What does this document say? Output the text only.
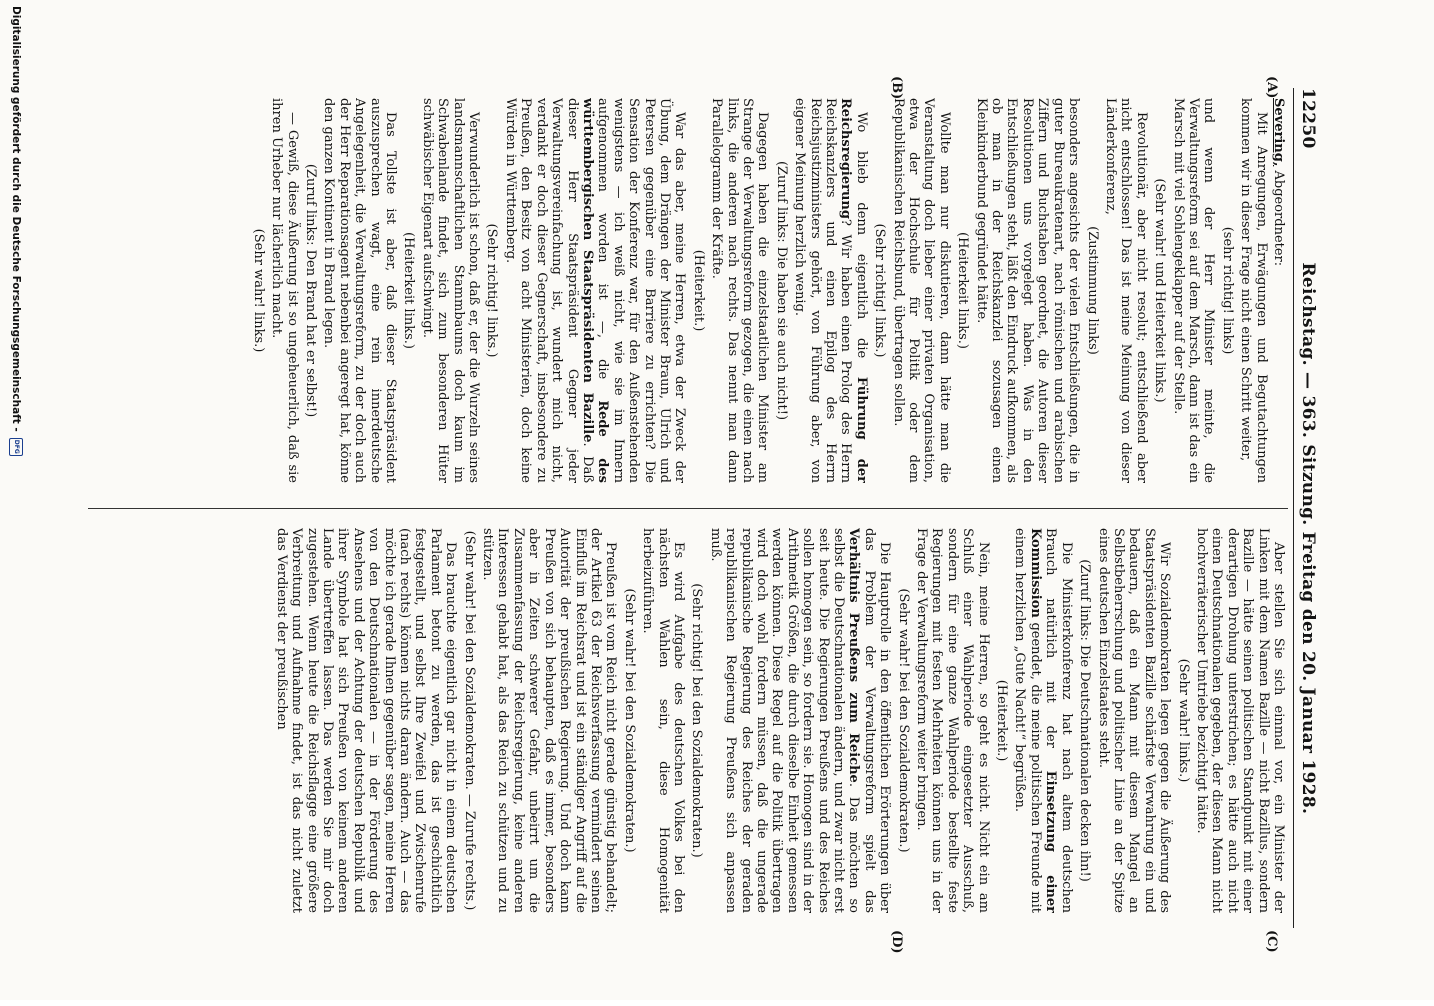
12250
Reichstag. — 363. Sitzung. Freitag den 20. Januar 1928.
(A)
(B)
(C)
(D)

Severing, Abgeordneter:

Mit Anregungen, Erwägungen und Begutachtungen kommen wir in dieser Frage nicht einen Schritt weiter,

(sehr richtig! links)

und wenn der Herr Minister meinte, die Verwaltungsreform sei auf dem Marsch, dann ist das ein Marsch mit viel Sohlengeklapper auf der Stelle.

(Sehr wahr! und Heiterkeit links.)

Revolutionär, aber nicht resolut; entschließend aber nicht entschlossen! Das ist meine Meinung von dieser Länderkonferenz,

(Zustimmung links)

besonders angesichts der vielen Entschließungen, die in guter Bureaukratenart, nach römischen und arabischen Ziffern und Buchstaben geordnet, die Autoren dieser Resolutionen uns vorgelegt haben. Was in den Entschließungen steht, läßt den Eindruck aufkommen, als ob man in der Reichskanzlei sozusagen einen Kleinkinderbund gegründet hätte.

(Heiterkeit links.)

Wollte man nur diskutieren, dann hätte man die Veranstaltung doch lieber einer privaten Organisation, etwa der Hochschule für Politik oder dem Republikanischen Reichsbund, übertragen sollen.

(Sehr richtig! links.)

Wo blieb denn eigentlich die Führung der Reichsregierung? Wir haben einen Prolog des Herrn Reichskanzlers und einen Epilog des Herrn Reichsjustizministers gehört, von Führung aber, von eigener Meinung herzlich wenig.

(Zuruf links: Die haben sie auch nicht!)

Dagegen haben die einzelstaatlichen Minister am Strange der Verwaltungsreform gezogen, die einen nach links, die anderen nach rechts. Das nennt man dann Parallelogramm der Kräfte.

(Heiterkeit.)

War das aber, meine Herren, etwa der Zweck der Übung, dem Drängen der Minister Braun, Ulrich und Petersen gegenüber eine Barriere zu errichten? Die Sensation der Konferenz war, für den Außenstehenden wenigstens — ich weiß nicht, wie sie im Innern aufgenommen worden ist —, die Rede des württembergischen Staatspräsidenten Bazille. Daß dieser Herr Staatspräsident Gegner jeder Verwaltungsvereinfachung ist, wundert mich nicht, verdankt er doch dieser Gegnerschaft, insbesondere zu Preußen, den Besitz von acht Ministerien, doch keine Würden in Württemberg.

(Sehr richtig! links.)

Verwunderlich ist schon, daß er, der die Wurzeln seines landsmannschaftlichen Stammbaums doch kaum im Schwabenlande findet, sich zum besonderen Hüter schwäbischer Eigenart aufschwingt.

(Heiterkeit links.)

Das Tollste ist aber, daß dieser Staatspräsident auszusprechen wagt, eine rein innerdeutsche Angelegenheit, die Verwaltungsreform, zu der doch auch der Herr Reparationsagent nebenbei angeregt hat, könne den ganzen Kontinent in Brand legen.

(Zuruf links: Den Brand hat er selbst!)

— Gewiß, diese Äußerung ist so ungeheuerlich, daß sie ihren Urheber nur lächerlich macht.

(Sehr wahr! links.)

Aber stellen Sie sich einmal vor, ein Minister der Linken mit dem Namen Bazille — nicht Bazillus, sondern Bazille — hätte seinen politischen Standpunkt mit einer derartigen Drohung unterstrichen; es hätte auch nicht einen Deutschnationalen gegeben, der diesen Mann nicht hochverräterischer Umtriebe bezichtigt hätte.

(Sehr wahr! links.)

Wir Sozialdemokraten legen gegen die Äußerung des Staatspräsidenten Bazille schärfste Verwahrung ein und bedauern, daß ein Mann mit diesem Mangel an Selbstbeherrschung und politischer Linie an der Spitze eines deutschen Einzelstaates steht.

(Zuruf links: Die Deutschnationalen decken ihn!)

Die Ministerkonferenz hat nach altem deutschen Brauch natürlich mit der Einsetzung einer Kommission geendet, die meine politischen Freunde mit einem herzlichen „Gute Nacht!“ begrüßen.

(Heiterkeit.)

Nein, meine Herren, so geht es nicht. Nicht ein am Schluß einer Wahlperiode eingesetzter Ausschuß, sondern für eine ganze Wahlperiode bestellte feste Regierungen mit festen Mehrheiten können uns in der Frage der Verwaltungsreform weiter bringen.

(Sehr wahr! bei den Sozialdemokraten.)

Die Hauptrolle in den öffentlichen Erörterungen über das Problem der Verwaltungsreform spielt das Verhältnis Preußens zum Reiche. Das möchten so selbst die Deutschnationalen ändern, und zwar nicht erst seit heute. Die Regierungen Preußens und des Reiches sollen homogen sein, so fordern sie. Homogen sind in der Arithmetik Größen, die durch dieselbe Einheit gemessen werden können. Diese Regel auf die Politik übertragen wird doch wohl fordern müssen, daß die ungerade republikanische Regierung des Reiches der geraden republikanischen Regierung Preußens sich anpassen muß.

(Sehr richtig! bei den Sozialdemokraten.)

Es wird Aufgabe des deutschen Volkes bei den nächsten Wahlen sein, diese Homogenität herbeizuführen.

(Sehr wahr! bei den Sozialdemokraten.)

Preußen ist vom Reich nicht gerade günstig behandelt; der Artikel 63 der Reichsverfassung vermindert seinen Einfluß im Reichsrat und ist ein ständiger Angriff auf die Autorität der preußischen Regierung. Und doch kann Preußen von sich behaupten, daß es immer, besonders aber in Zeiten schwerer Gefahr, unbeirrt um die Zusammenfassung der Reichsregierung, keine anderen Interessen gehabt hat, als das Reich zu schützen und zu stützen.

(Sehr wahr! bei den Sozialdemokraten. — Zurufe rechts.)

Das brauchte eigentlich gar nicht in einem deutschen Parlament betont zu werden, das ist geschichtlich festgestellt, und selbst Ihre Zweifel und Zwischenrufe (nach rechts) können nichts daran ändern. Auch — das möchte ich gerade Ihnen gegenüber sagen, meine Herren von den Deutschnationalen — in der Förderung des Ansehens und der Achtung der deutschen Republik und ihrer Symbole hat sich Preußen von keinem anderen Lande übertreffen lassen. Das werden Sie mir doch zugestehen. Wenn heute die Reichsflagge eine größere Verbreitung und Aufnahme findet, ist das nicht zuletzt das Verdienst der preußischen

Digitalisierung gefördert durch die Deutsche Forschungsgemeinschaft -
DFG
